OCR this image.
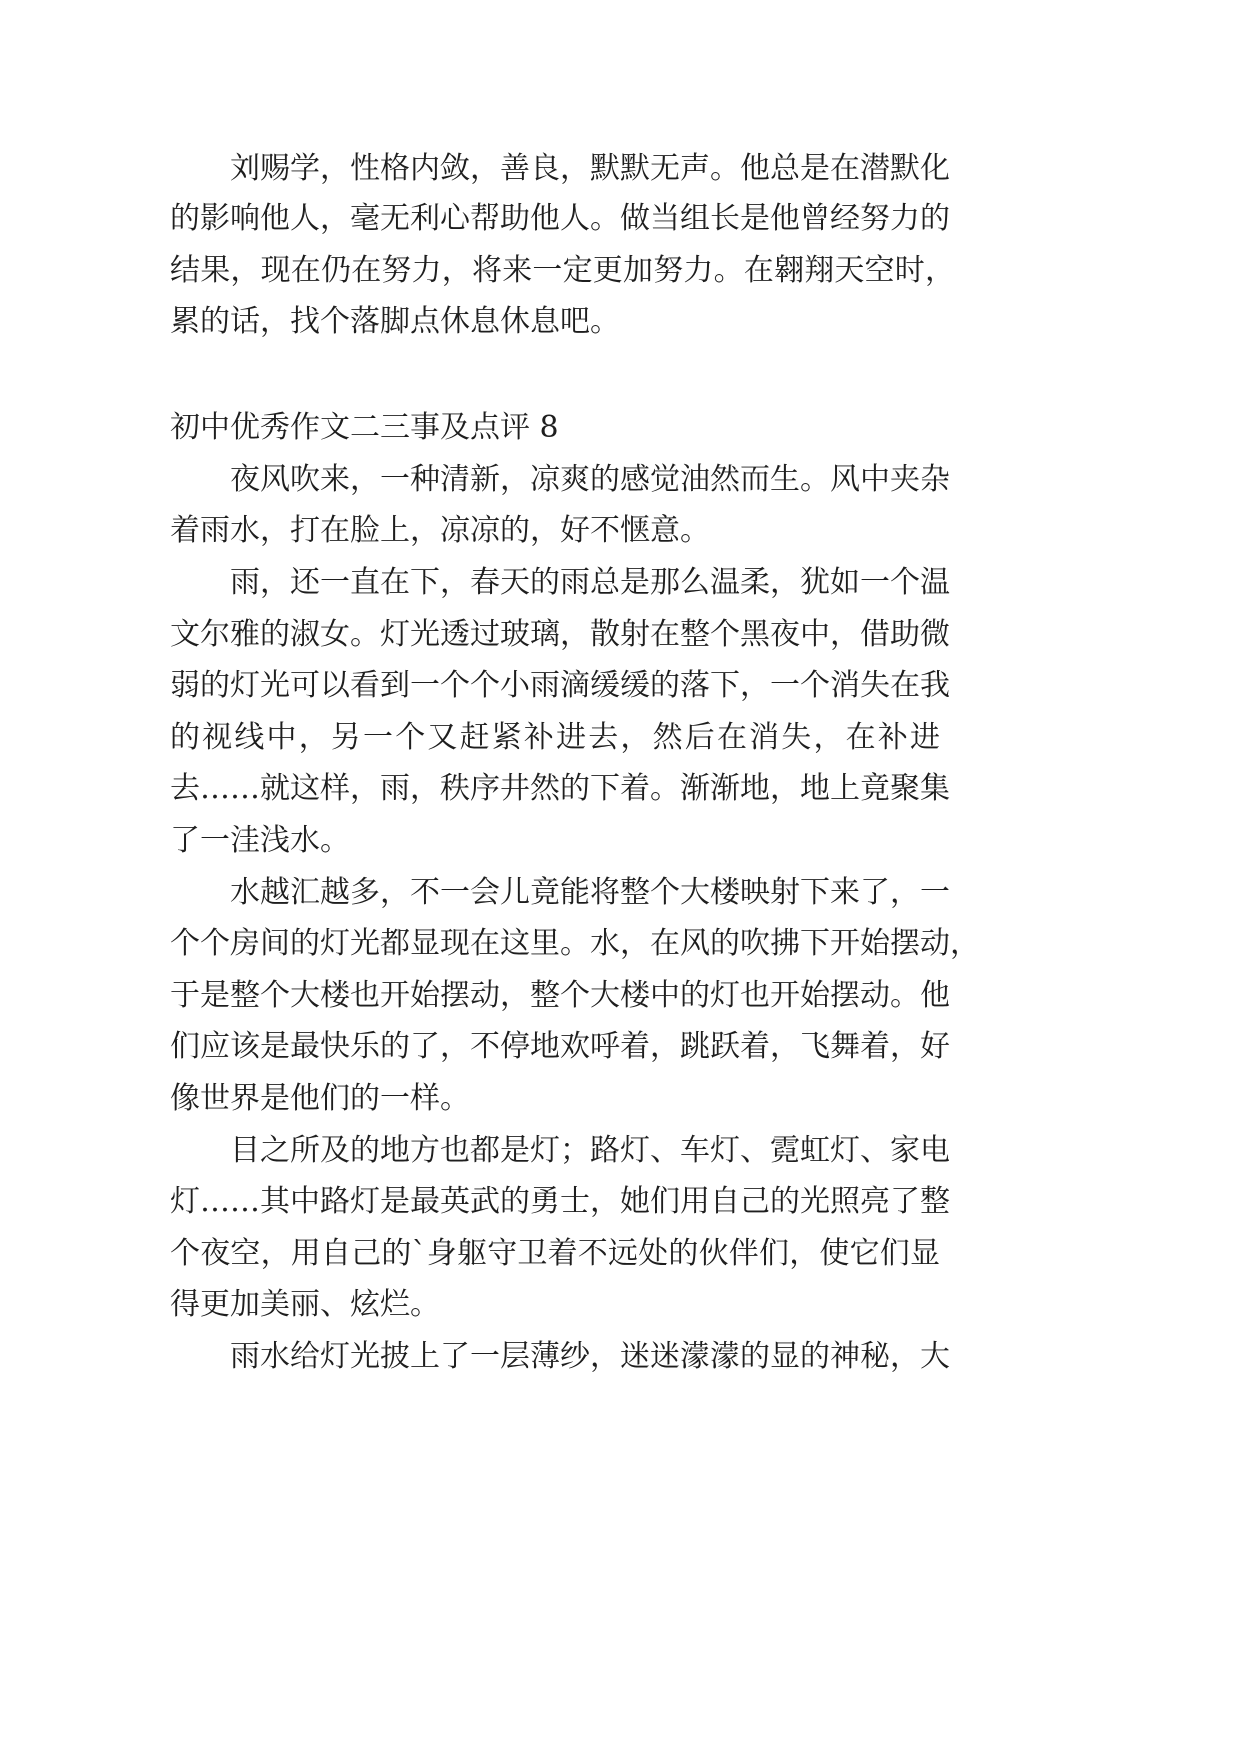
刘赐学，性格内敛，善良，默默无声。他总是在潜默化
的影响他人，毫无利心帮助他人。做当组长是他曾经努力的
结果，现在仍在努力，将来一定更加努力。在翱翔天空时，
累的话，找个落脚点休息休息吧。
初中优秀作文二三事及点评 8
夜风吹来，一种清新，凉爽的感觉油然而生。风中夹杂
着雨水，打在脸上，凉凉的，好不惬意。
雨，还一直在下，春天的雨总是那么温柔，犹如一个温
文尔雅的淑女。灯光透过玻璃，散射在整个黑夜中，借助微
弱的灯光可以看到一个个小雨滴缓缓的落下，一个消失在我
的视线中，另一个又赶紧补进去，然后在消失，在补进
去……就这样，雨，秩序井然的下着。渐渐地，地上竟聚集
了一洼浅水。
水越汇越多，不一会儿竟能将整个大楼映射下来了，一
个个房间的灯光都显现在这里。水，在风的吹拂下开始摆动，
于是整个大楼也开始摆动，整个大楼中的灯也开始摆动。他
们应该是最快乐的了，不停地欢呼着，跳跃着，飞舞着，好
像世界是他们的一样。
目之所及的地方也都是灯；路灯、车灯、霓虹灯、家电
灯……其中路灯是最英武的勇士，她们用自己的光照亮了整
个夜空，用自己的`身躯守卫着不远处的伙伴们，使它们显
得更加美丽、炫烂。
雨水给灯光披上了一层薄纱，迷迷濛濛的显的神秘，大
